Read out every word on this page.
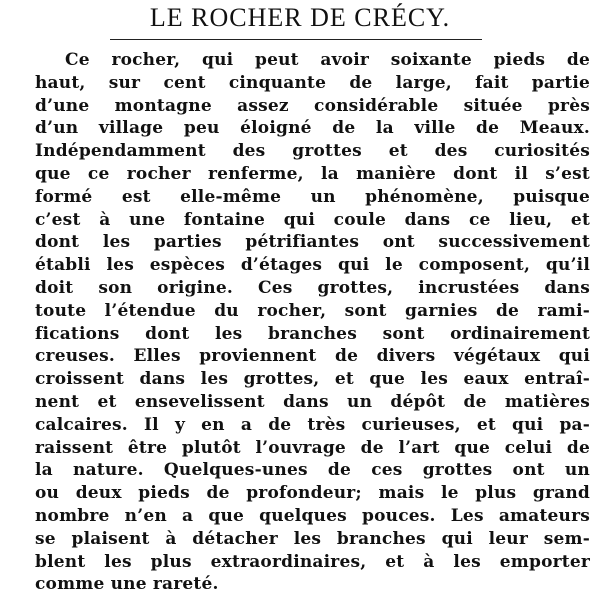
LE ROCHER DE CRÉCY.
Ce rocher, qui peut avoir soixante pieds de
haut, sur cent cinquante de large, fait partie
d’une montagne assez considérable située près
d’un village peu éloigné de la ville de Meaux.
Indépendamment des grottes et des curiosités
que ce rocher renferme, la manière dont il s’est
formé est elle-même un phénomène, puisque
c’est à une fontaine qui coule dans ce lieu, et
dont les parties pétrifiantes ont successivement
établi les espèces d’étages qui le composent, qu’il
doit son origine. Ces grottes, incrustées dans
toute l’étendue du rocher, sont garnies de rami-
fications dont les branches sont ordinairement
creuses. Elles proviennent de divers végétaux qui
croissent dans les grottes, et que les eaux entraî-
nent et ensevelissent dans un dépôt de matières
calcaires. Il y en a de très curieuses, et qui pa-
raissent être plutôt l’ouvrage de l’art que celui de
la nature. Quelques-unes de ces grottes ont un
ou deux pieds de profondeur; mais le plus grand
nombre n’en a que quelques pouces. Les amateurs
se plaisent à détacher les branches qui leur sem-
blent les plus extraordinaires, et à les emporter
comme une rareté.
